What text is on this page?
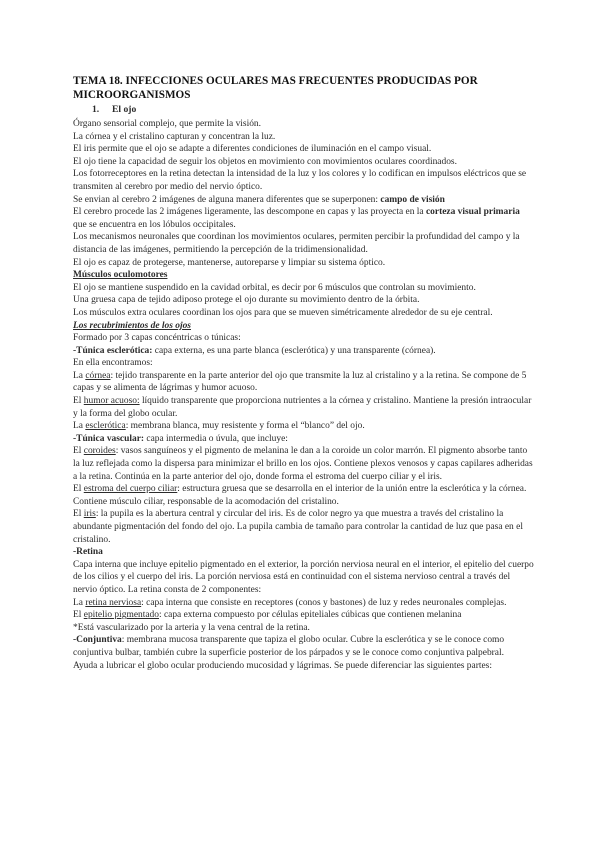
TEMA 18. INFECCIONES OCULARES MAS FRECUENTES PRODUCIDAS POR MICROORGANISMOS

1. El ojo

Órgano sensorial complejo, que permite la visión.

La córnea y el cristalino capturan y concentran la luz.

El iris permite que el ojo se adapte a diferentes condiciones de iluminación en el campo visual.

El ojo tiene la capacidad de seguir los objetos en movimiento con movimientos oculares coordinados.

Los fotorreceptores en la retina detectan la intensidad de la luz y los colores y lo codifican en impulsos eléctricos que se transmiten al cerebro por medio del nervio óptico.

Se envian al cerebro 2 imágenes de alguna manera diferentes que se superponen: campo de visión

El cerebro procede las 2 imágenes ligeramente, las descompone en capas y las proyecta en la corteza visual primaria que se encuentra en los lóbulos occipitales.

Los mecanismos neuronales que coordinan los movimientos oculares, permiten percibir la profundidad del campo y la distancia de las imágenes, permitiendo la percepción de la tridimensionalidad.

El ojo es capaz de protegerse, mantenerse, autoreparse y limpiar su sistema óptico.

Músculos oculomotores

El ojo se mantiene suspendido en la cavidad orbital, es decir por 6 músculos que controlan su movimiento.

Una gruesa capa de tejido adiposo protege el ojo durante su movimiento dentro de la órbita.

Los músculos extra oculares coordinan los ojos para que se mueven simétricamente alrededor de su eje central.

Los recubrimientos de los ojos

Formado por 3 capas concéntricas o túnicas:

-Túnica esclerótica: capa externa, es una parte blanca (esclerótica) y una transparente (córnea).

En ella encontramos:

La córnea: tejido transparente en la parte anterior del ojo que transmite la luz al cristalino y a la retina. Se compone de 5 capas y se alimenta de lágrimas y humor acuoso.

El humor acuoso: líquido transparente que proporciona nutrientes a la córnea y cristalino. Mantiene la presión intraocular y la forma del globo ocular.

La esclerótica: membrana blanca, muy resistente y forma el “blanco” del ojo.

-Túnica vascular: capa intermedia o úvula, que incluye:

El coroides: vasos sanguíneos y el pigmento de melanina le dan a la coroide un color marrón. El pigmento absorbe tanto la luz reflejada como la dispersa para minimizar el brillo en los ojos. Contiene plexos venosos y capas capilares adheridas a la retina. Continúa en la parte anterior del ojo, donde forma el estroma del cuerpo ciliar y el iris.

El estroma del cuerpo ciliar: estructura gruesa que se desarrolla en el interior de la unión entre la esclerótica y la córnea. Contiene músculo ciliar, responsable de la acomodación del cristalino.

El iris: la pupila es la abertura central y circular del iris. Es de color negro ya que muestra a través del cristalino la abundante pigmentación del fondo del ojo. La pupila cambia de tamaño para controlar la cantidad de luz que pasa en el cristalino.

-Retina

Capa interna que incluye epitelio pigmentado en el exterior, la porción nerviosa neural en el interior, el epitelio del cuerpo de los cilios y el cuerpo del iris. La porción nerviosa está en continuidad con el sistema nervioso central a través del nervio óptico. La retina consta de 2 componentes:

La retina nerviosa: capa interna que consiste en receptores (conos y bastones) de luz y redes neuronales complejas.

El epitelio pigmentado: capa externa compuesto por células epiteliales cúbicas que contienen melanina

*Está vascularizado por la arteria y la vena central de la retina.

-Conjuntiva: membrana mucosa transparente que tapiza el globo ocular. Cubre la esclerótica y se le conoce como conjuntiva bulbar, también cubre la superficie posterior de los párpados y se le conoce como conjuntiva palpebral.

Ayuda a lubricar el globo ocular produciendo mucosidad y lágrimas. Se puede diferenciar las siguientes partes:
